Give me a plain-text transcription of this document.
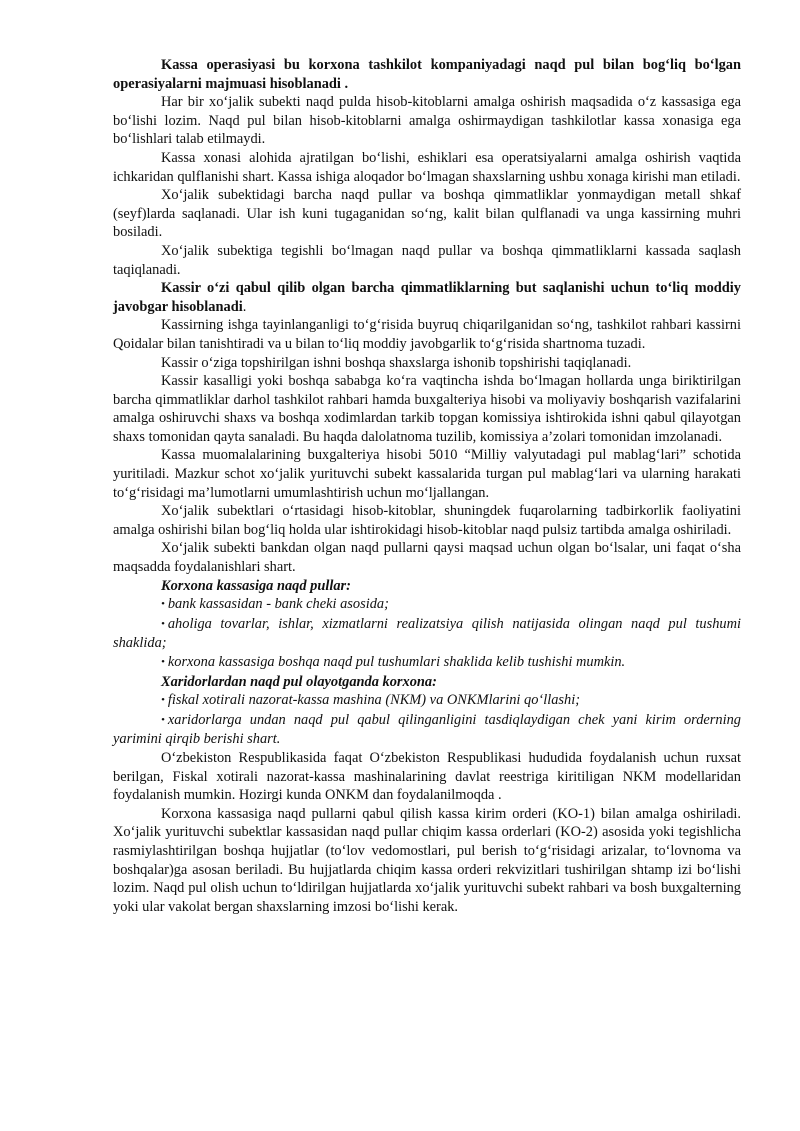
Kassa operasiyasi bu korxona tashkilot kompaniyadagi naqd pul bilan bog‘liq bo‘lgan operasiyalarni majmuasi hisoblanadi .

Har bir xo‘jalik subekti naqd pulda hisob-kitoblarni amalga oshirish maqsadida o‘z kassasiga ega bo‘lishi lozim. Naqd pul bilan hisob-kitoblarni amalga oshirmaydigan tashkilotlar kassa xonasiga ega bo‘lishlari talab etilmaydi.

Kassa xonasi alohida ajratilgan bo‘lishi, eshiklari esa operatsiyalarni amalga oshirish vaqtida ichkaridan qulflanishi shart. Kassa ishiga aloqador bo‘lmagan shaxslarning ushbu xonaga kirishi man etiladi.

Xo‘jalik subektidagi barcha naqd pullar va boshqa qimmatliklar yonmaydigan metall shkaf (seyf)larda saqlanadi. Ular ish kuni tugaganidan so‘ng, kalit bilan qulflanadi va unga kassirning muhri bosiladi.

Xo‘jalik subektiga tegishli bo‘lmagan naqd pullar va boshqa qimmatliklarni kassada saqlash taqiqlanadi.

Kassir o‘zi qabul qilib olgan barcha qimmatliklarning but saqlanishi uchun to‘liq moddiy javobgar hisoblanadi.

Kassirning ishga tayinlanganligi to‘g‘risida buyruq chiqarilganidan so‘ng, tashkilot rahbari kassirni Qoidalar bilan tanishtiradi va u bilan to‘liq moddiy javobgarlik to‘g‘risida shartnoma tuzadi.

Kassir o‘ziga topshirilgan ishni boshqa shaxslarga ishonib topshirishi taqiqlanadi.

Kassir kasalligi yoki boshqa sababga ko‘ra vaqtincha ishda bo‘lmagan hollarda unga biriktirilgan barcha qimmatliklar darhol tashkilot rahbari hamda buxgalteriya hisobi va moliyaviy boshqarish vazifalarini amalga oshiruvchi shaxs va boshqa xodimlardan tarkib topgan komissiya ishtirokida ishni qabul qilayotgan shaxs tomonidan qayta sanaladi. Bu haqda dalolatnoma tuzilib, komissiya a’zolari tomonidan imzolanadi.

Kassa muomalalarining buxgalteriya hisobi 5010 “Milliy valyutadagi pul mablag‘lari” schotida yuritiladi. Mazkur schot xo‘jalik yurituvchi subekt kassalarida turgan pul mablag‘lari va ularning harakati to‘g‘risidagi ma’lumotlarni umumlashtirish uchun mo‘ljallangan.

Xo‘jalik subektlari o‘rtasidagi hisob-kitoblar, shuningdek fuqarolarning tadbirkorlik faoliyatini amalga oshirishi bilan bog‘liq holda ular ishtirokidagi hisob-kitoblar naqd pulsiz tartibda amalga oshiriladi.

Xo‘jalik subekti bankdan olgan naqd pullarni qaysi maqsad uchun olgan bo‘lsalar, uni faqat o‘sha maqsadda foydalanishlari shart.

Korxona kassasiga naqd pullar:

• bank kassasidan - bank cheki asosida;

• aholiga tovarlar, ishlar, xizmatlarni realizatsiya qilish natijasida olingan naqd pul tushumi shaklida;

• korxona kassasiga boshqa naqd pul tushumlari shaklida kelib tushishi mumkin.

Xaridorlardan naqd pul olayotganda korxona:

• fiskal xotirali nazorat-kassa mashina (NKM) va ONKMlarini qo‘llashi;

• xaridorlarga undan naqd pul qabul qilinganligini tasdiqlaydigan chek yani kirim orderning yarimini qirqib berishi shart.

O‘zbekiston Respublikasida faqat O‘zbekiston Respublikasi hududida foydalanish uchun ruxsat berilgan, Fiskal xotirali nazorat-kassa mashinalarining davlat reestriga kiritiligan NKM modellaridan foydalanish mumkin. Hozirgi kunda ONKM dan foydalanilmoqda .

Korxona kassasiga naqd pullarni qabul qilish kassa kirim orderi (KO-1) bilan amalga oshiriladi. Xo‘jalik yurituvchi subektlar kassasidan naqd pullar chiqim kassa orderlari (KO-2) asosida yoki tegishlicha rasmiylashtirilgan boshqa hujjatlar (to‘lov vedomostlari, pul berish to‘g‘risidagi arizalar, to‘lovnoma va boshqalar)ga asosan beriladi. Bu hujjatlarda chiqim kassa orderi rekvizitlari tushirilgan shtamp izi bo‘lishi lozim. Naqd pul olish uchun to‘ldirilgan hujjatlarda xo‘jalik yurituvchi subekt rahbari va bosh buxgalterning yoki ular vakolat bergan shaxslarning imzosi bo‘lishi kerak.
